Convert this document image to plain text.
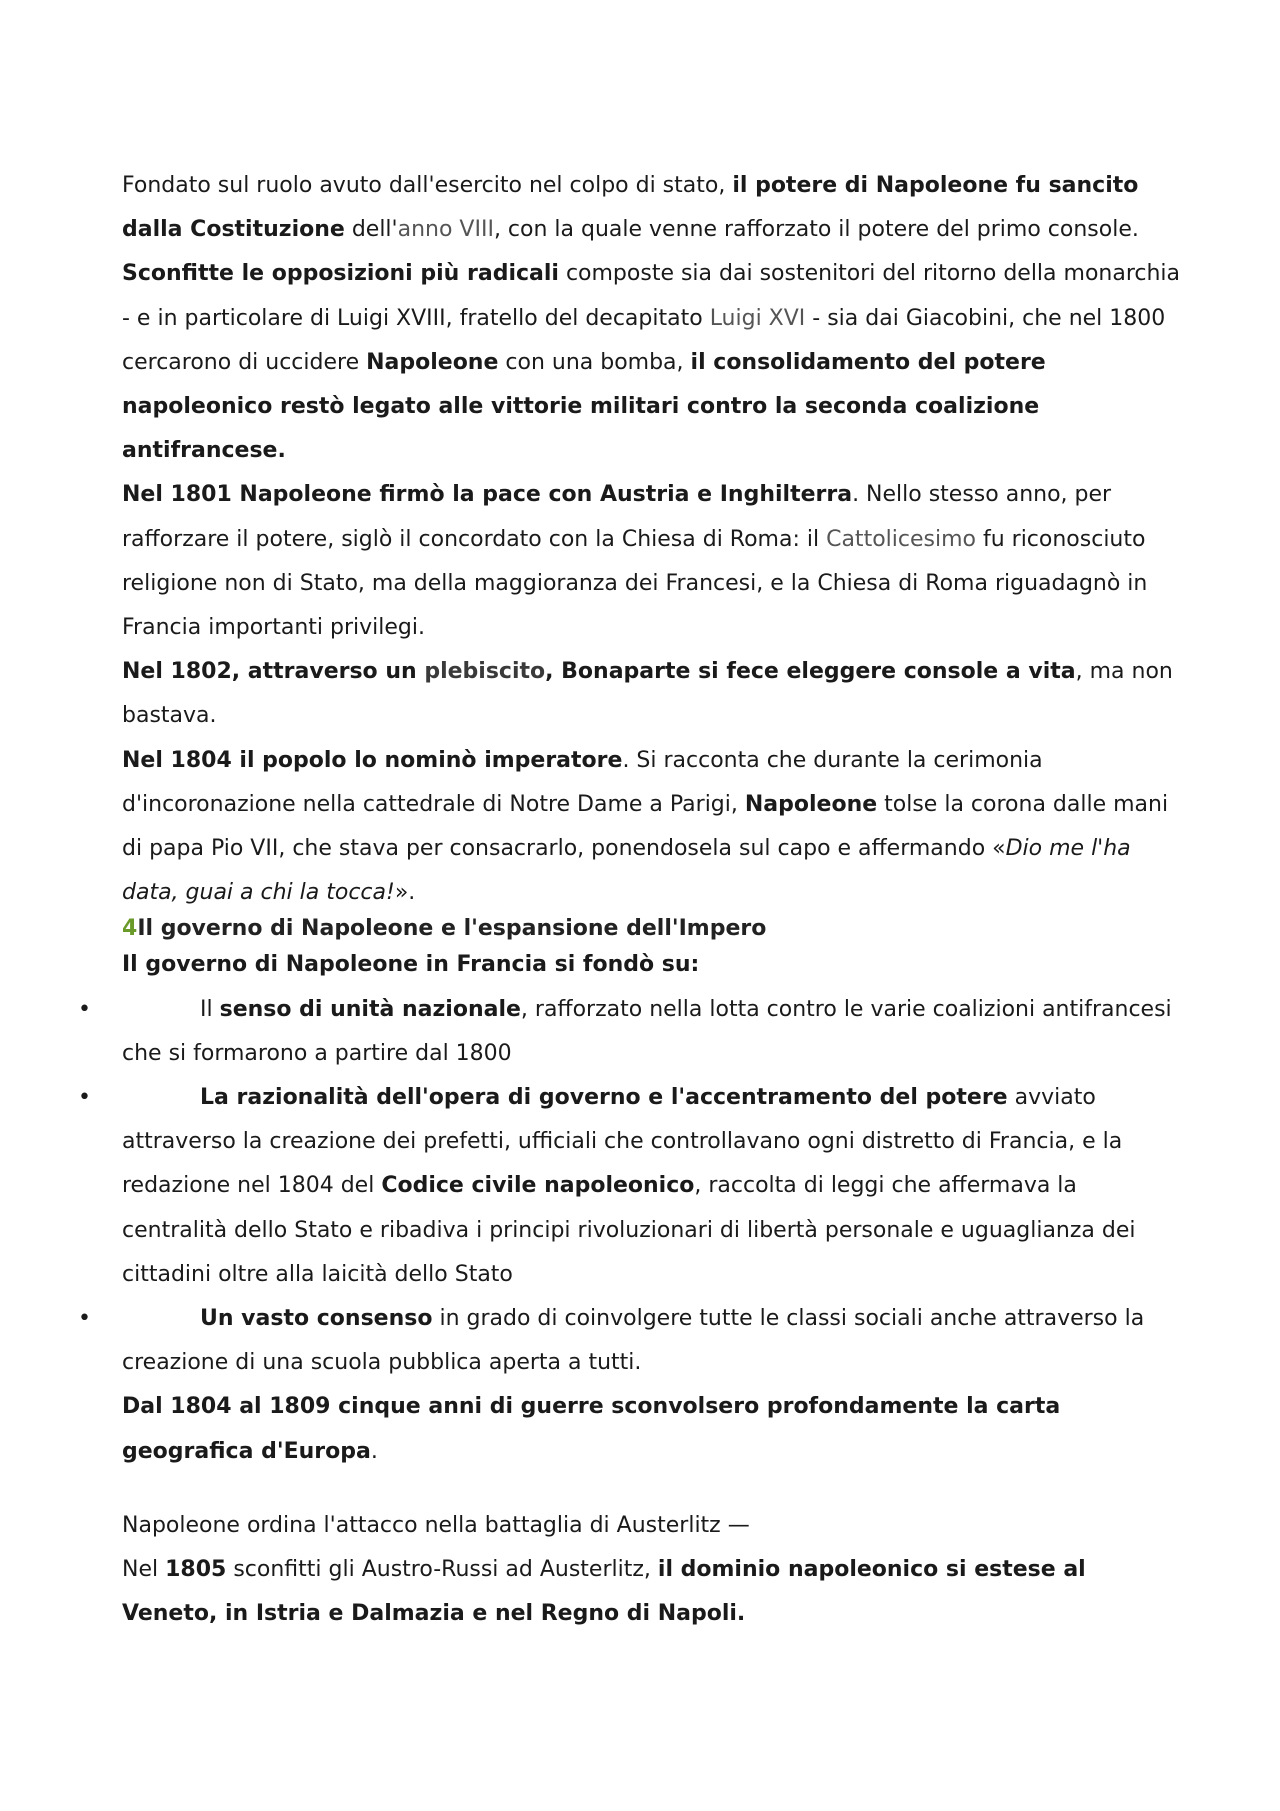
Fondato sul ruolo avuto dall'esercito nel colpo di stato, il potere di Napoleone fu sancito dalla Costituzione dell'anno VIII, con la quale venne rafforzato il potere del primo console.

Sconfitte le opposizioni più radicali composte sia dai sostenitori del ritorno della monarchia - e in particolare di Luigi XVIII, fratello del decapitato Luigi XVI - sia dai Giacobini, che nel 1800 cercarono di uccidere Napoleone con una bomba, il consolidamento del potere napoleonico restò legato alle vittorie militari contro la seconda coalizione antifrancese.

Nel 1801 Napoleone firmò la pace con Austria e Inghilterra. Nello stesso anno, per rafforzare il potere, siglò il concordato con la Chiesa di Roma: il Cattolicesimo fu riconosciuto religione non di Stato, ma della maggioranza dei Francesi, e la Chiesa di Roma riguadagnò in Francia importanti privilegi.

Nel 1802, attraverso un plebiscito, Bonaparte si fece eleggere console a vita, ma non bastava.

Nel 1804 il popolo lo nominò imperatore. Si racconta che durante la cerimonia d'incoronazione nella cattedrale di Notre Dame a Parigi, Napoleone tolse la corona dalle mani di papa Pio VII, che stava per consacrarlo, ponendosela sul capo e affermando «Dio me l'ha data, guai a chi la tocca!».

4Il governo di Napoleone e l'espansione dell'Impero

Il governo di Napoleone in Francia si fondò su:

•	Il senso di unità nazionale, rafforzato nella lotta contro le varie coalizioni antifrancesi che si formarono a partire dal 1800

•	La razionalità dell'opera di governo e l'accentramento del potere avviato attraverso la creazione dei prefetti, ufficiali che controllavano ogni distretto di Francia, e la redazione nel 1804 del Codice civile napoleonico, raccolta di leggi che affermava la centralità dello Stato e ribadiva i principi rivoluzionari di libertà personale e uguaglianza dei cittadini oltre alla laicità dello Stato

•	Un vasto consenso in grado di coinvolgere tutte le classi sociali anche attraverso la creazione di una scuola pubblica aperta a tutti.

Dal 1804 al 1809 cinque anni di guerre sconvolsero profondamente la carta geografica d'Europa.

Napoleone ordina l'attacco nella battaglia di Austerlitz —

Nel 1805 sconfitti gli Austro-Russi ad Austerlitz, il dominio napoleonico si estese al Veneto, in Istria e Dalmazia e nel Regno di Napoli.
